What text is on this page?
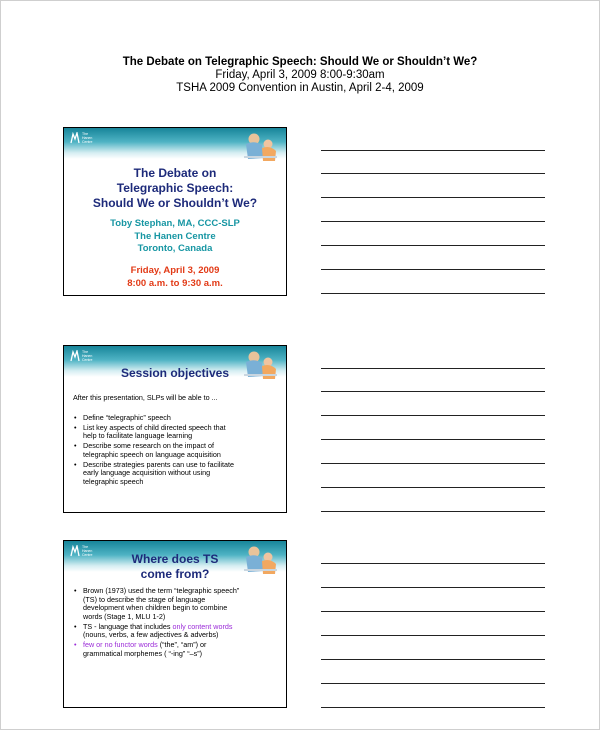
The Debate on Telegraphic Speech: Should We or Shouldn’t We?
Friday, April 3, 2009 8:00-9:30am
TSHA 2009 Convention in Austin, April 2-4, 2009
The
Hanen
Centre
The Debate on
Telegraphic Speech:
Should We or Shouldn’t We?
Toby Stephan, MA, CCC-SLP
The Hanen Centre
Toronto, Canada
Friday, April 3, 2009
8:00 a.m. to 9:30 a.m.
The
Hanen
Centre
Session objectives
After this presentation, SLPs will be able to ...
• Define “telegraphic” speech
• List key aspects of child directed speech that
help to facilitate language learning
• Describe some research on the impact of
telegraphic speech on language acquisition
• Describe strategies parents can use to facilitate
early language acquisition without using
telegraphic speech
The
Hanen
Centre	Where does TS
come from?
• Brown (1973) used the term “telegraphic speech”
(TS) to describe the stage of language
development when children begin to combine
words (Stage 1, MLU 1-2)
• TS - language that includes only content words
(nouns, verbs, a few adjectives & adverbs)
• few or no functor words (“the”, “am”) or
grammatical morphemes ( “-ing” “–s”)
